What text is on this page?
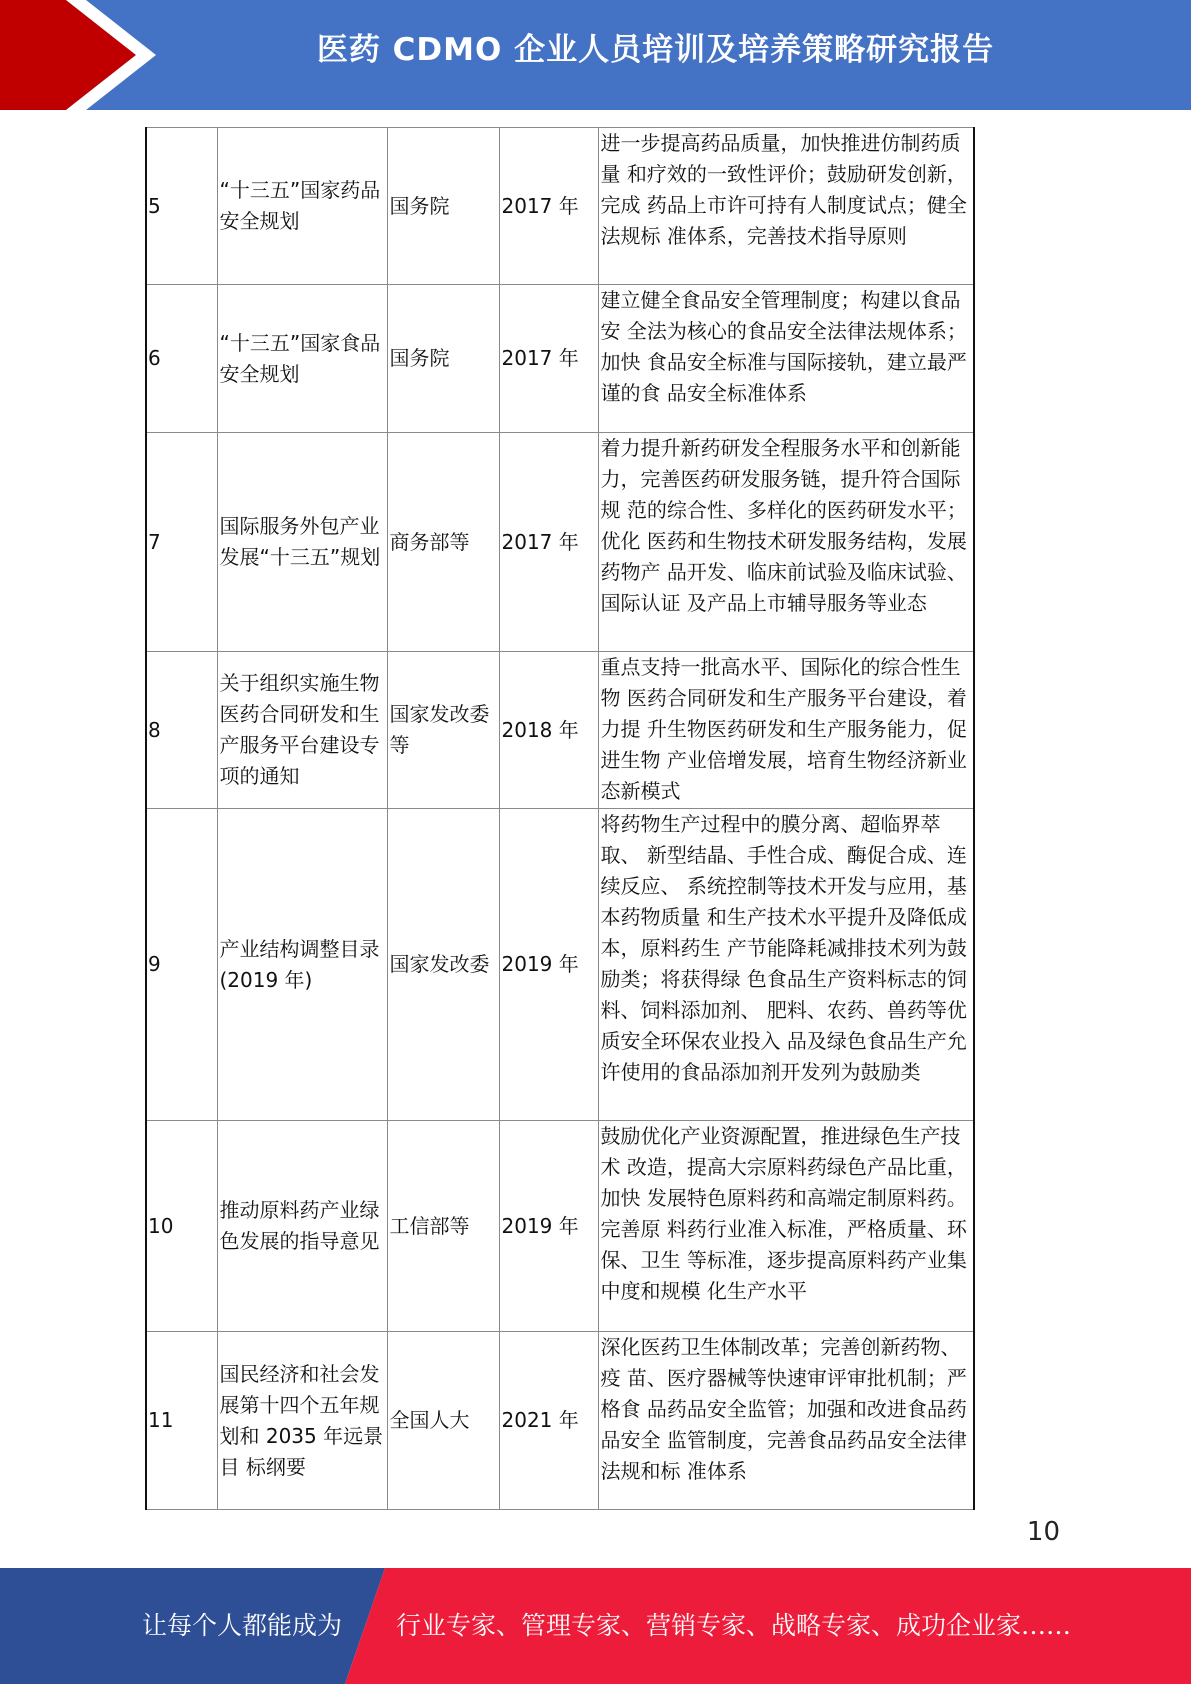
医药 CDMO 企业人员培训及培养策略研究报告
5	“十三五”国家药品安全规划	国务院	2017 年	进一步提高药品质量，加快推进仿制药质量 和疗效的一致性评价；鼓励研发创新，完成 药品上市许可持有人制度试点；健全法规标 准体系，完善技术指导原则
6	“十三五”国家食品安全规划	国务院	2017 年	建立健全食品安全管理制度；构建以食品安 全法为核心的食品安全法律法规体系；加快 食品安全标准与国际接轨，建立最严谨的食 品安全标准体系
7	国际服务外包产业发展“十三五”规划	商务部等	2017 年	着力提升新药研发全程服务水平和创新能 力，完善医药研发服务链，提升符合国际规 范的综合性、多样化的医药研发水平；优化 医药和生物技术研发服务结构，发展药物产 品开发、临床前试验及临床试验、国际认证 及产品上市辅导服务等业态
8	关于组织实施生物医药合同研发和生产服务平台建设专项的通知	国家发改委等	2018 年	重点支持一批高水平、国际化的综合性生物 医药合同研发和生产服务平台建设，着力提 升生物医药研发和生产服务能力，促进生物 产业倍增发展，培育生物经济新业态新模式
9	产业结构调整目录(2019 年)	国家发改委	2019 年	将药物生产过程中的膜分离、超临界萃取、 新型结晶、手性合成、酶促合成、连续反应、 系统控制等技术开发与应用，基本药物质量 和生产技术水平提升及降低成本，原料药生 产节能降耗减排技术列为鼓励类；将获得绿 色食品生产资料标志的饲料、饲料添加剂、 肥料、农药、兽药等优质安全环保农业投入 品及绿色食品生产允许使用的食品添加剂开发列为鼓励类
10	推动原料药产业绿色发展的指导意见	工信部等	2019 年	鼓励优化产业资源配置，推进绿色生产技术 改造，提高大宗原料药绿色产品比重，加快 发展特色原料药和高端定制原料药。完善原 料药行业准入标准，严格质量、环保、卫生 等标准，逐步提高原料药产业集中度和规模 化生产水平
11	国民经济和社会发展第十四个五年规划和 2035 年远景目 标纲要	全国人大	2021 年	深化医药卫生体制改革；完善创新药物、疫 苗、医疗器械等快速审评审批机制；严格食 品药品安全监管；加强和改进食品药品安全 监管制度，完善食品药品安全法律法规和标 准体系
10
让每个人都能成为 行业专家、管理专家、营销专家、战略专家、成功企业家……
